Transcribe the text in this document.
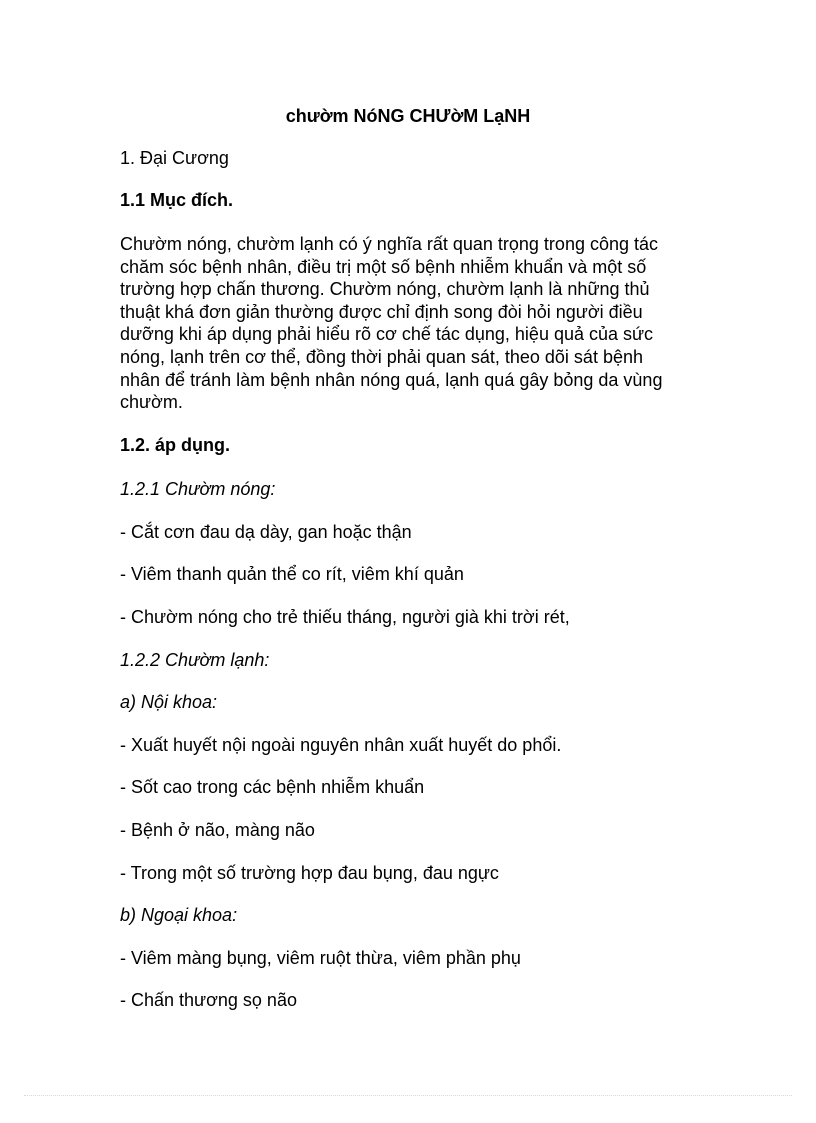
chườm NóNG CHƯờM LạNH

1. Đại Cương

1.1 Mục đích.

Chườm nóng, chườm lạnh có ý nghĩa rất quan trọng trong công tác
chăm sóc bệnh nhân, điều trị một số bệnh nhiễm khuẩn và một số
trường hợp chấn thương. Chườm nóng, chườm lạnh là những thủ
thuật khá đơn giản thường được chỉ định song đòi hỏi người điều
dưỡng khi áp dụng phải hiểu rõ cơ chế tác dụng, hiệu quả của sức
nóng, lạnh trên cơ thể, đồng thời phải quan sát, theo dõi sát bệnh
nhân để tránh làm bệnh nhân nóng quá, lạnh quá gây bỏng da vùng
chườm.

1.2. áp dụng.

1.2.1 Chườm nóng:

- Cắt cơn đau dạ dày, gan hoặc thận

- Viêm thanh quản thể co rít, viêm khí quản

- Chườm nóng cho trẻ thiếu tháng, người già khi trời rét,

1.2.2 Chườm lạnh:

a) Nội khoa:

- Xuất huyết nội ngoài nguyên nhân xuất huyết do phổi.

- Sốt cao trong các bệnh nhiễm khuẩn

- Bệnh ở não, màng não

- Trong một số trường hợp đau bụng, đau ngực

b) Ngoại khoa:

- Viêm màng bụng, viêm ruột thừa, viêm phần phụ

- Chấn thương sọ não
